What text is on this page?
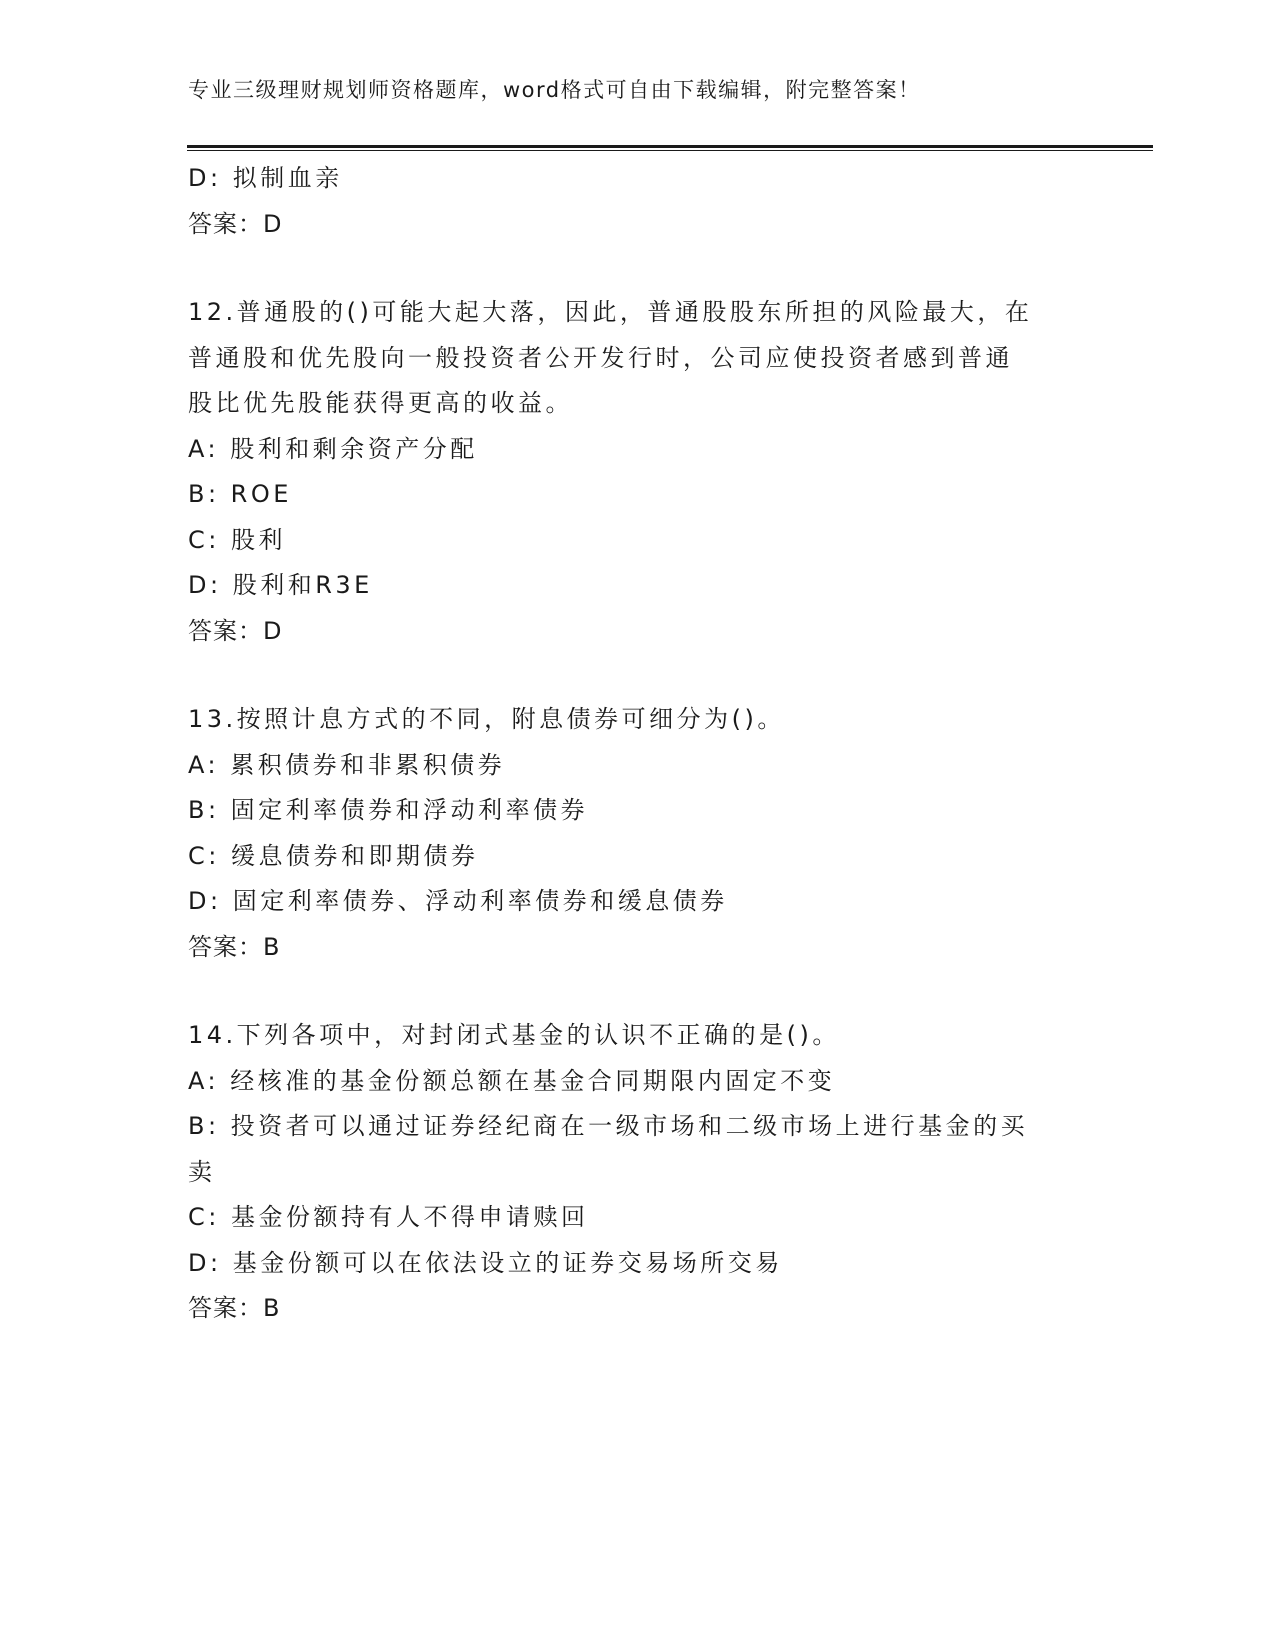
专业三级理财规划师资格题库，word格式可自由下载编辑，附完整答案！
D: 拟制血亲
答案：D
12.普通股的()可能大起大落，因此，普通股股东所担的风险最大，在
普通股和优先股向一般投资者公开发行时，公司应使投资者感到普通
股比优先股能获得更高的收益。
A: 股利和剩余资产分配
B: ROE
C: 股利
D: 股利和R3E
答案：D
13.按照计息方式的不同，附息债券可细分为()。
A: 累积债券和非累积债券
B: 固定利率债券和浮动利率债券
C: 缓息债券和即期债券
D: 固定利率债券、浮动利率债券和缓息债券
答案：B
14.下列各项中，对封闭式基金的认识不正确的是()。
A: 经核准的基金份额总额在基金合同期限内固定不变
B: 投资者可以通过证券经纪商在一级市场和二级市场上进行基金的买
卖
C: 基金份额持有人不得申请赎回
D: 基金份额可以在依法设立的证券交易场所交易
答案：B
